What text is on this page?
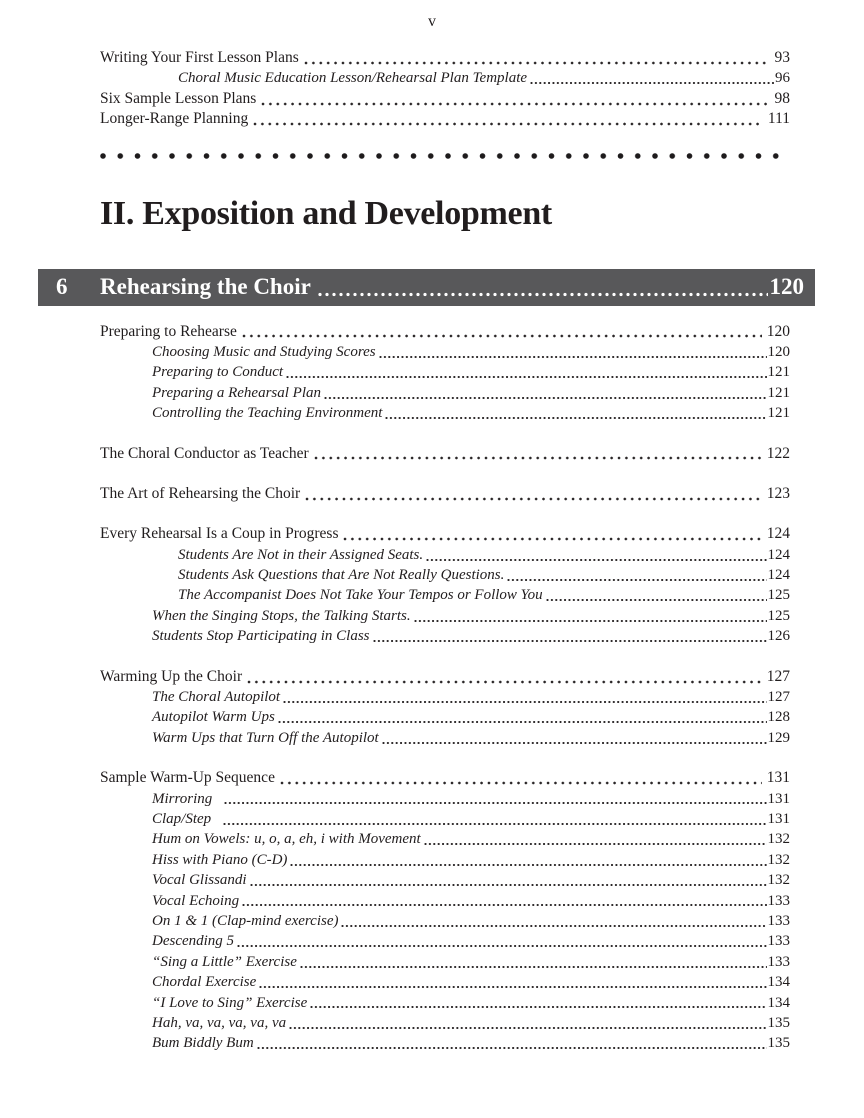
v
Writing Your First Lesson Plans	93
Choral Music Education Lesson/Rehearsal Plan Template	96
Six Sample Lesson Plans	98
Longer-Range Planning	111
II. Exposition and Development
6	Rehearsing the Choir	120
Preparing to Rehearse	120
Choosing Music and Studying Scores	120
Preparing to Conduct	121
Preparing a Rehearsal Plan	121
Controlling the Teaching Environment	121
The Choral Conductor as Teacher	122
The Art of Rehearsing the Choir	123
Every Rehearsal Is a Coup in Progress	124
Students Are Not in their Assigned Seats.	124
Students Ask Questions that Are Not Really Questions.	124
The Accompanist Does Not Take Your Tempos or Follow You	125
When the Singing Stops, the Talking Starts.	125
Students Stop Participating in Class	126
Warming Up the Choir	127
The Choral Autopilot	127
Autopilot Warm Ups	128
Warm Ups that Turn Off the Autopilot	129
Sample Warm-Up Sequence	131
Mirroring	131
Clap/Step	131
Hum on Vowels: u, o, a, eh, i with Movement	132
Hiss with Piano (C-D)	132
Vocal Glissandi	132
Vocal Echoing	133
On 1 & 1 (Clap-mind exercise)	133
Descending 5	133
“Sing a Little” Exercise	133
Chordal Exercise	134
“I Love to Sing” Exercise	134
Hah, va, va, va, va, va	135
Bum Biddly Bum	135
